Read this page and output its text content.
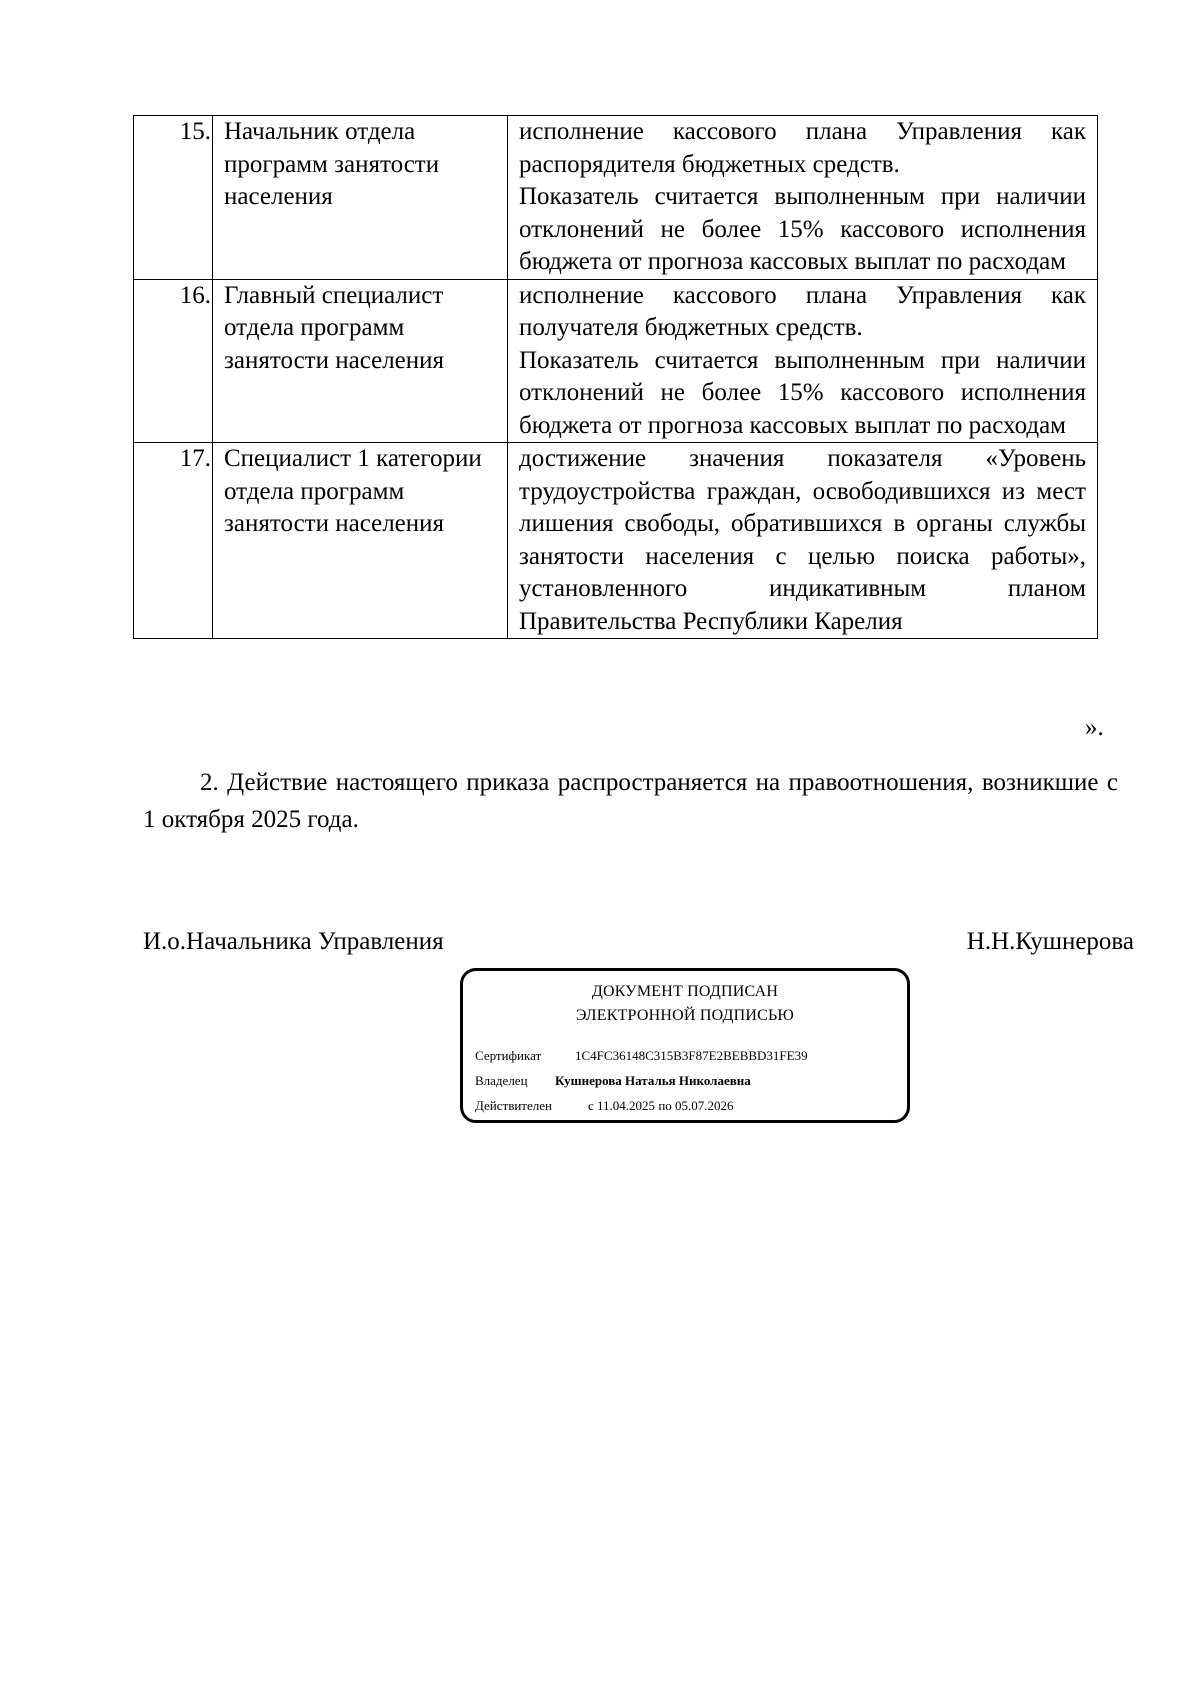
15.	Начальник отдела программ занятости населения	исполнение кассового плана Управления как распорядителя бюджетных средств.

Показатель считается выполненным при наличии отклонений не более 15% кассового исполнения бюджета от прогноза кассовых выплат по расходам

16.	Главный специалист отдела программ занятости населения	исполнение кассового плана Управления как получателя бюджетных средств.

Показатель считается выполненным при наличии отклонений не более 15% кассового исполнения бюджета от прогноза кассовых выплат по расходам

17.	Специалист 1 категории отдела программ занятости населения	достижение значения показателя «Уровень трудоустройства граждан, освободившихся из мест лишения свободы, обратившихся в органы службы занятости населения с целью поиска работы», установленного индикативным планом Правительства Республики Карелия

».

2. Действие настоящего приказа распространяется на правоотношения, возникшие с 1 октября 2025 года.

И.о.Начальника Управления	Н.Н.Кушнерова
ДОКУМЕНТ ПОДПИСАН
ЭЛЕКТРОННОЙ ПОДПИСЬЮ
Сертификат	1C4FC36148C315B3F87E2BEBBD31FE39
Владелец Кушнерова Наталья Николаевна
Действителен	с 11.04.2025 по 05.07.2026
